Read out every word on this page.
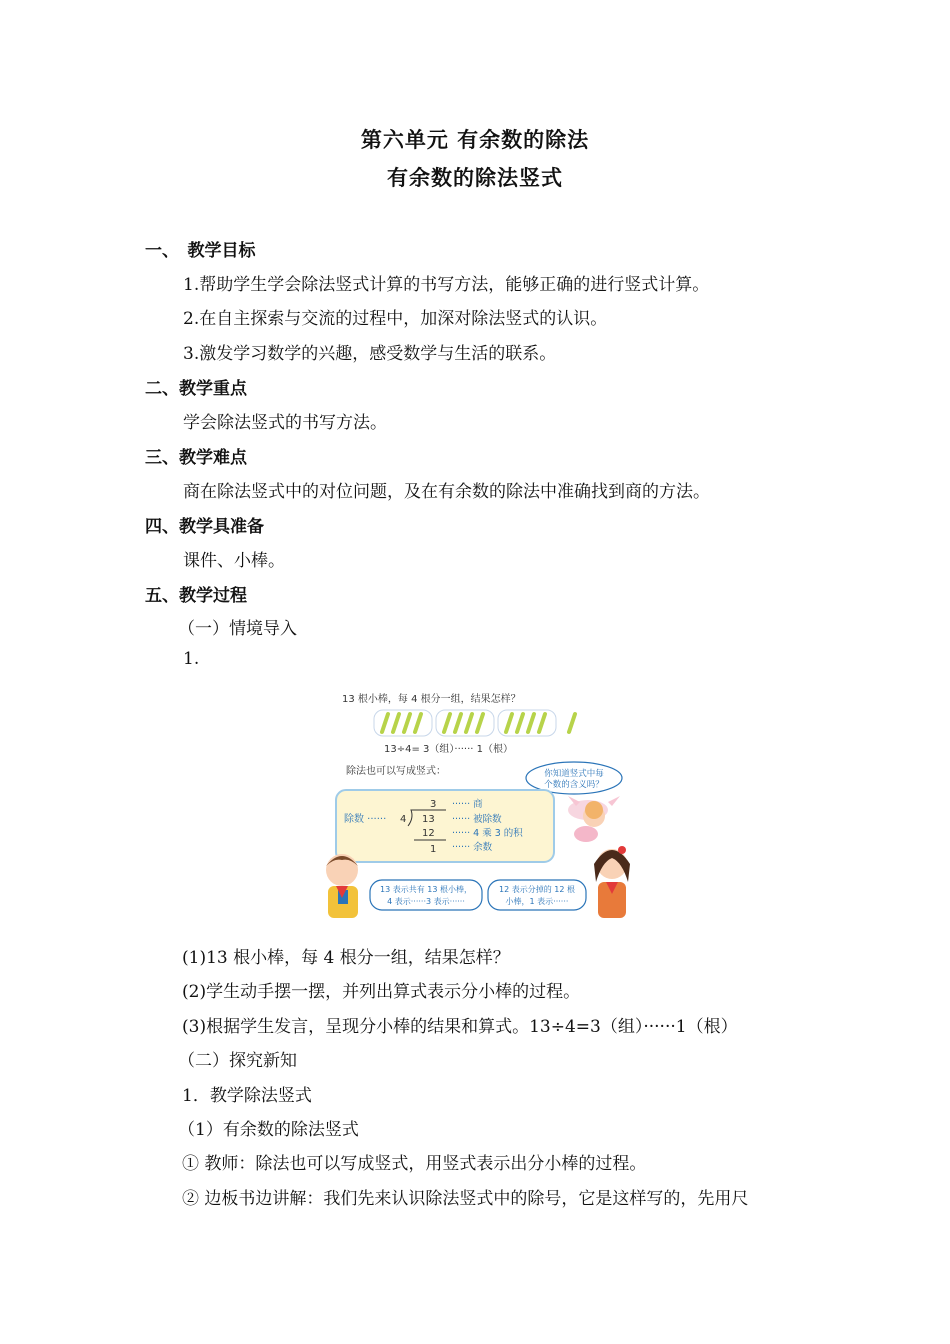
第六单元 有余数的除法
有余数的除法竖式
一、　教学目标
1.帮助学生学会除法竖式计算的书写方法，能够正确的进行竖式计算。
2.在自主探索与交流的过程中，加深对除法竖式的认识。
3.激发学习数学的兴趣，感受数学与生活的联系。
二、教学重点
学会除法竖式的书写方法。
三、教学难点
商在除法竖式中的对位问题，及在有余数的除法中准确找到商的方法。
四、教学具准备
课件、小棒。
五、教学过程
（一）情境导入
1.
13 根小棒，每 4 根分一组，结果怎样？
13÷4= 3（组）······ 1（根）
除法也可以写成竖式：	你知道竖式中每
个数的含义吗？
除数 ······ 4
3
13
12
1
······ 商
······ 被除数
······ 4 乘 3 的积
······ 余数
13 表示共有 13 根小棒，
4 表示······3 表示······
12 表示分掉的 12 根
小棒，1 表示······
(1)13 根小棒，每 4 根分一组，结果怎样？
(2)学生动手摆一摆，并列出算式表示分小棒的过程。
(3)根据学生发言，呈现分小棒的结果和算式。13÷4=3（组）······1（根）
（二）探究新知
1．教学除法竖式
（1）有余数的除法竖式
① 教师：除法也可以写成竖式，用竖式表示出分小棒的过程。
② 边板书边讲解：我们先来认识除法竖式中的除号，它是这样写的，先用尺
